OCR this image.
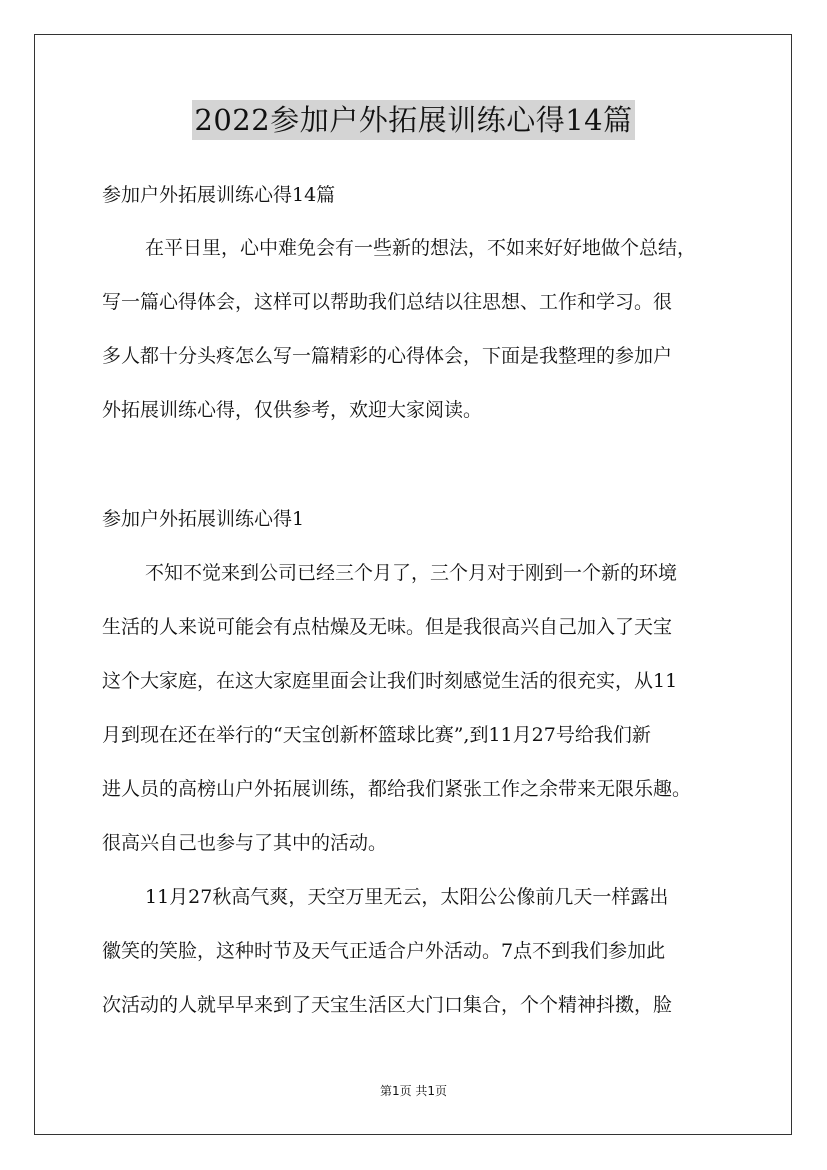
2022参加户外拓展训练心得14篇
参加户外拓展训练心得14篇
在平日里，心中难免会有一些新的想法，不如来好好地做个总结，
写一篇心得体会，这样可以帮助我们总结以往思想、工作和学习。很
多人都十分头疼怎么写一篇精彩的心得体会，下面是我整理的参加户
外拓展训练心得，仅供参考，欢迎大家阅读。
参加户外拓展训练心得1
不知不觉来到公司已经三个月了，三个月对于刚到一个新的环境
生活的人来说可能会有点枯燥及无味。但是我很高兴自己加入了天宝
这个大家庭，在这大家庭里面会让我们时刻感觉生活的很充实，从11
月到现在还在举行的“天宝创新杯篮球比赛”,到11月27号给我们新
进人员的高榜山户外拓展训练，都给我们紧张工作之余带来无限乐趣。
很高兴自己也参与了其中的活动。
11月27秋高气爽，天空万里无云，太阳公公像前几天一样露出
徽笑的笑脸，这种时节及天气正适合户外活动。7点不到我们参加此
次活动的人就早早来到了天宝生活区大门口集合，个个精神抖擞，脸
第1页 共1页
